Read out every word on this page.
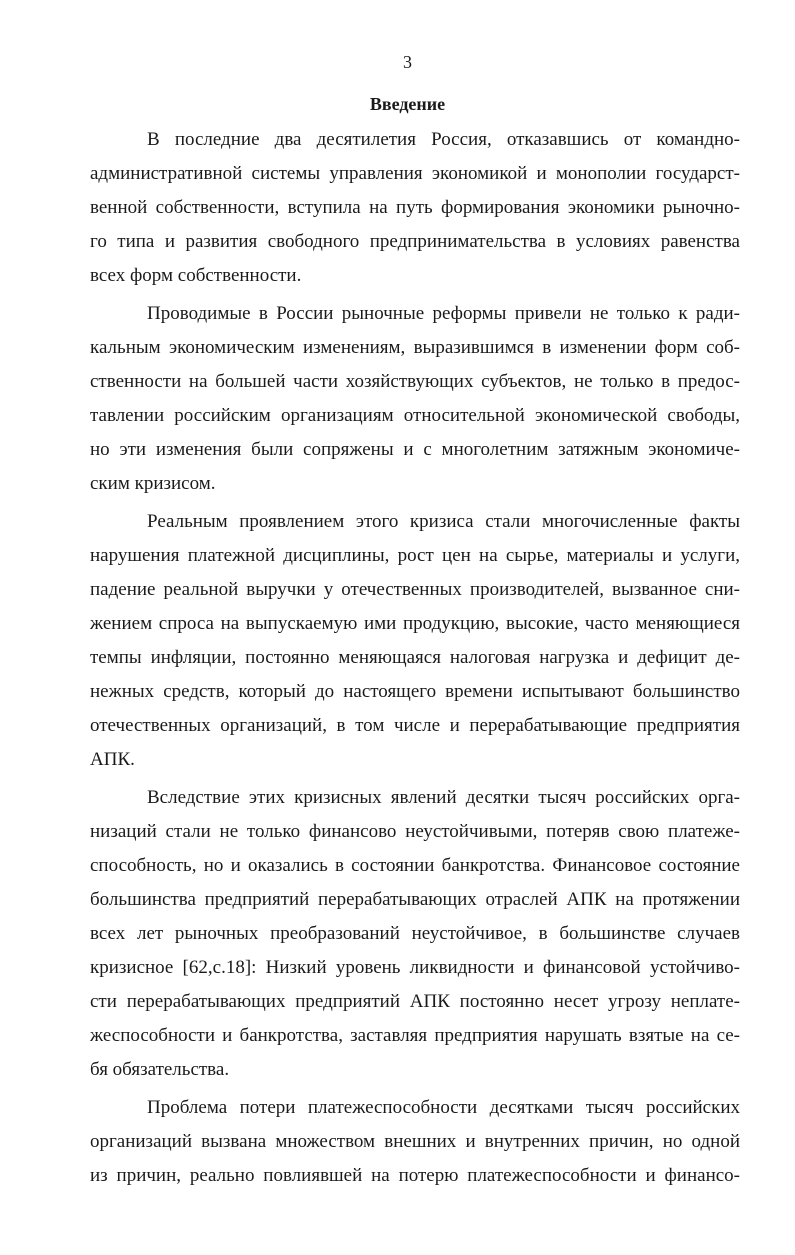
3
Введение
В последние два десятилетия Россия, отказавшись от командно-
административной системы управления экономикой и монополии государст-
венной собственности, вступила на путь формирования экономики рыночно-
го типа и развития свободного предпринимательства в условиях равенства
всех форм собственности.
Проводимые в России рыночные реформы привели не только к ради-
кальным экономическим изменениям, выразившимся в изменении форм соб-
ственности на большей части хозяйствующих субъектов, не только в предос-
тавлении российским организациям относительной экономической свободы,
но эти изменения были сопряжены и с многолетним затяжным экономиче-
ским кризисом.
Реальным проявлением этого кризиса стали многочисленные факты
нарушения платежной дисциплины, рост цен на сырье, материалы и услуги,
падение реальной выручки у отечественных производителей, вызванное сни-
жением спроса на выпускаемую ими продукцию, высокие, часто меняющиеся
темпы инфляции, постоянно меняющаяся налоговая нагрузка и дефицит де-
нежных средств, который до настоящего времени испытывают большинство
отечественных организаций, в том числе и перерабатывающие предприятия
АПК.
Вследствие этих кризисных явлений десятки тысяч российских орга-
низаций стали не только финансово неустойчивыми, потеряв свою платеже-
способность, но и оказались в состоянии банкротства. Финансовое состояние
большинства предприятий перерабатывающих отраслей АПК на протяжении
всех лет рыночных преобразований неустойчивое, в большинстве случаев
кризисное [62,с.18]: Низкий уровень ликвидности и финансовой устойчиво-
сти перерабатывающих предприятий АПК постоянно несет угрозу неплате-
жеспособности и банкротства, заставляя предприятия нарушать взятые на се-
бя обязательства.
Проблема потери платежеспособности десятками тысяч российских
организаций вызвана множеством внешних и внутренних причин, но одной
из причин, реально повлиявшей на потерю платежеспособности и финансо-
